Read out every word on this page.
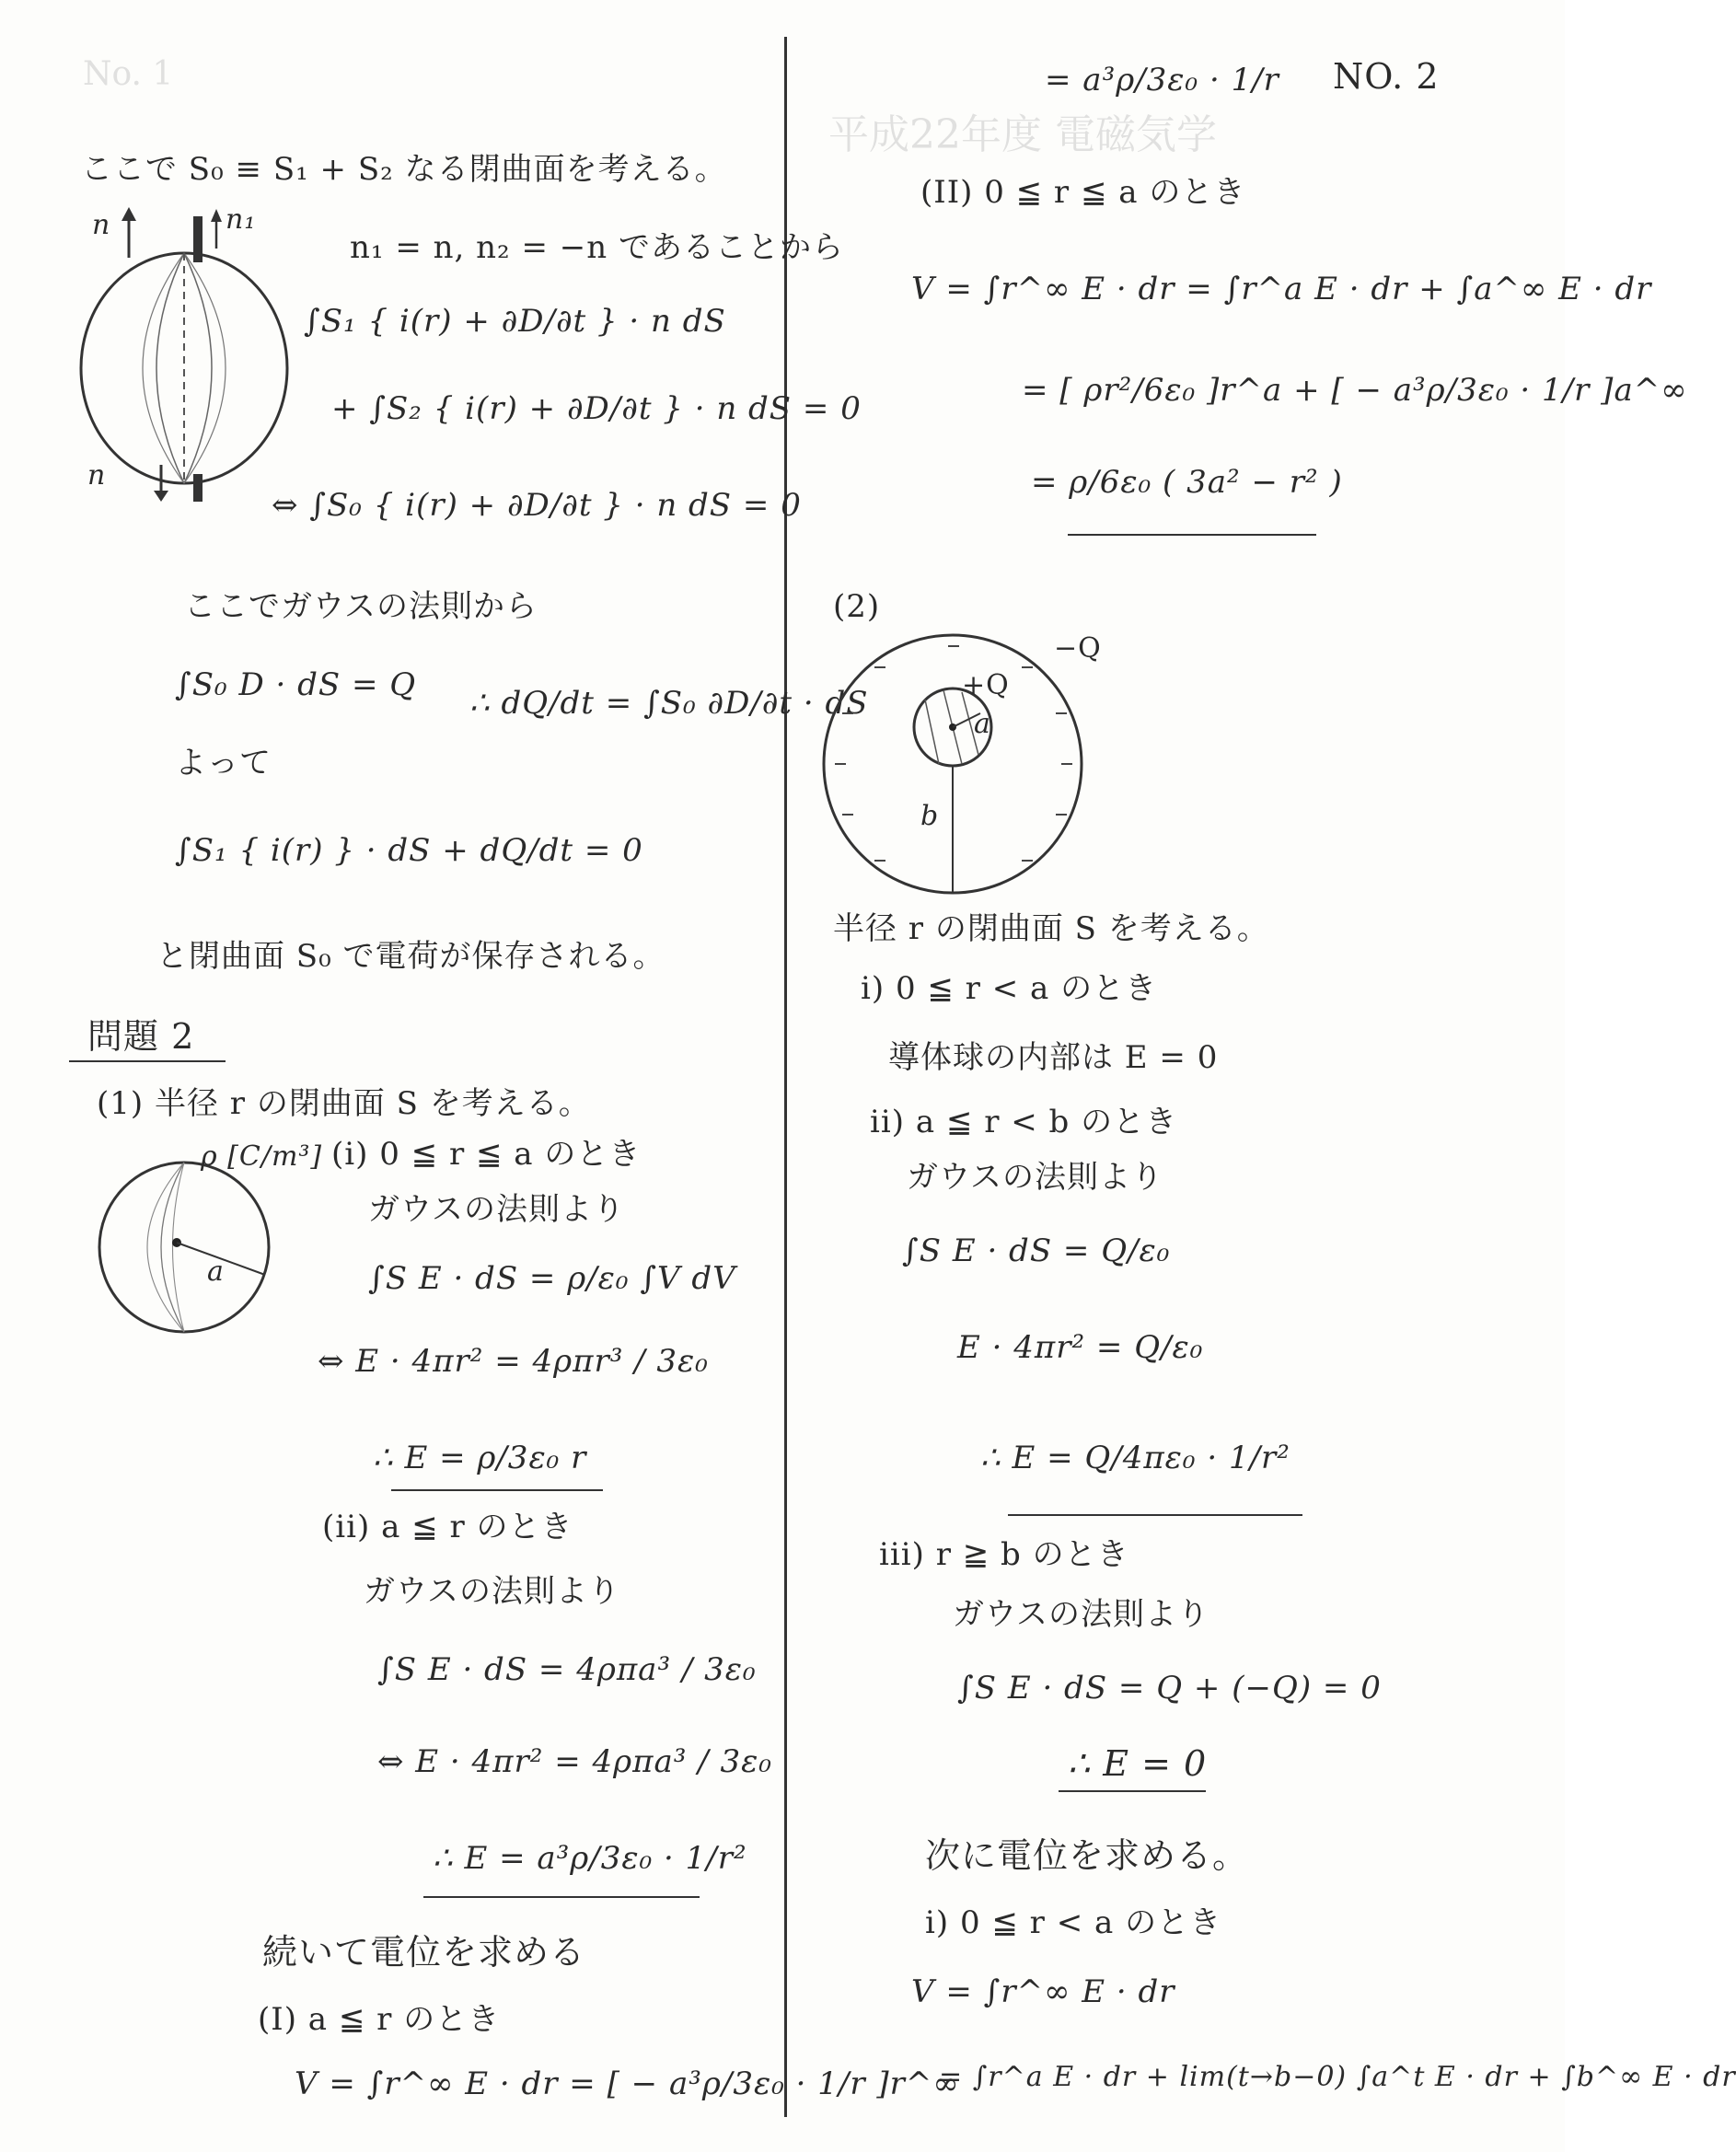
No. 1
平成22年度 電磁気学
NO. 2
ここで S₀ ≡ S₁ + S₂ なる閉曲面を考える。
n	n₁
n
n₁ = n, n₂ = −n であることから
∫S₁ { i(r) + ∂D/∂t } · n dS
+ ∫S₂ { i(r) + ∂D/∂t } · n dS = 0
⇔ ∫S₀ { i(r) + ∂D/∂t } · n dS = 0
ここでガウスの法則から
∫S₀ D · dS = Q ∴ dQ/dt = ∫S₀ ∂D/∂t · dS
よって
∫S₁ { i(r) } · dS + dQ/dt = 0
と閉曲面 S₀ で電荷が保存される。
問題 2
(1) 半径 r の閉曲面 S を考える。
ρ [C/m³]
a
(i) 0 ≦ r ≦ a のとき
ガウスの法則より
∫S E · dS = ρ/ε₀ ∫V dV
⇔ E · 4πr² = 4ρπr³ / 3ε₀
∴ E = ρ/3ε₀ r
(ii) a ≦ r のとき
ガウスの法則より
∫S E · dS = 4ρπa³ / 3ε₀
⇔ E · 4πr² = 4ρπa³ / 3ε₀
∴ E = a³ρ/3ε₀ · 1/r²
続いて電位を求める
(I) a ≦ r のとき
V = ∫r^∞ E · dr = [ − a³ρ/3ε₀ · 1/r ]r^∞
= a³ρ/3ε₀ · 1/r
(II) 0 ≦ r ≦ a のとき
V = ∫r^∞ E · dr = ∫r^a E · dr + ∫a^∞ E · dr
= [ ρr²/6ε₀ ]r^a + [ − a³ρ/3ε₀ · 1/r ]a^∞
= ρ/6ε₀ ( 3a² − r² )
(2)
−Q
+Q
a
b
半径 r の閉曲面 S を考える。
i) 0 ≦ r < a のとき
導体球の内部は E = 0
ii) a ≦ r < b のとき
ガウスの法則より
∫S E · dS = Q/ε₀
E · 4πr² = Q/ε₀
∴ E = Q/4πε₀ · 1/r²
iii) r ≧ b のとき
ガウスの法則より
∫S E · dS = Q + (−Q) = 0
∴ E = 0
次に電位を求める。
i) 0 ≦ r < a のとき
V = ∫r^∞ E · dr
= ∫r^a E · dr + lim(t→b−0) ∫a^t E · dr + ∫b^∞ E · dr
